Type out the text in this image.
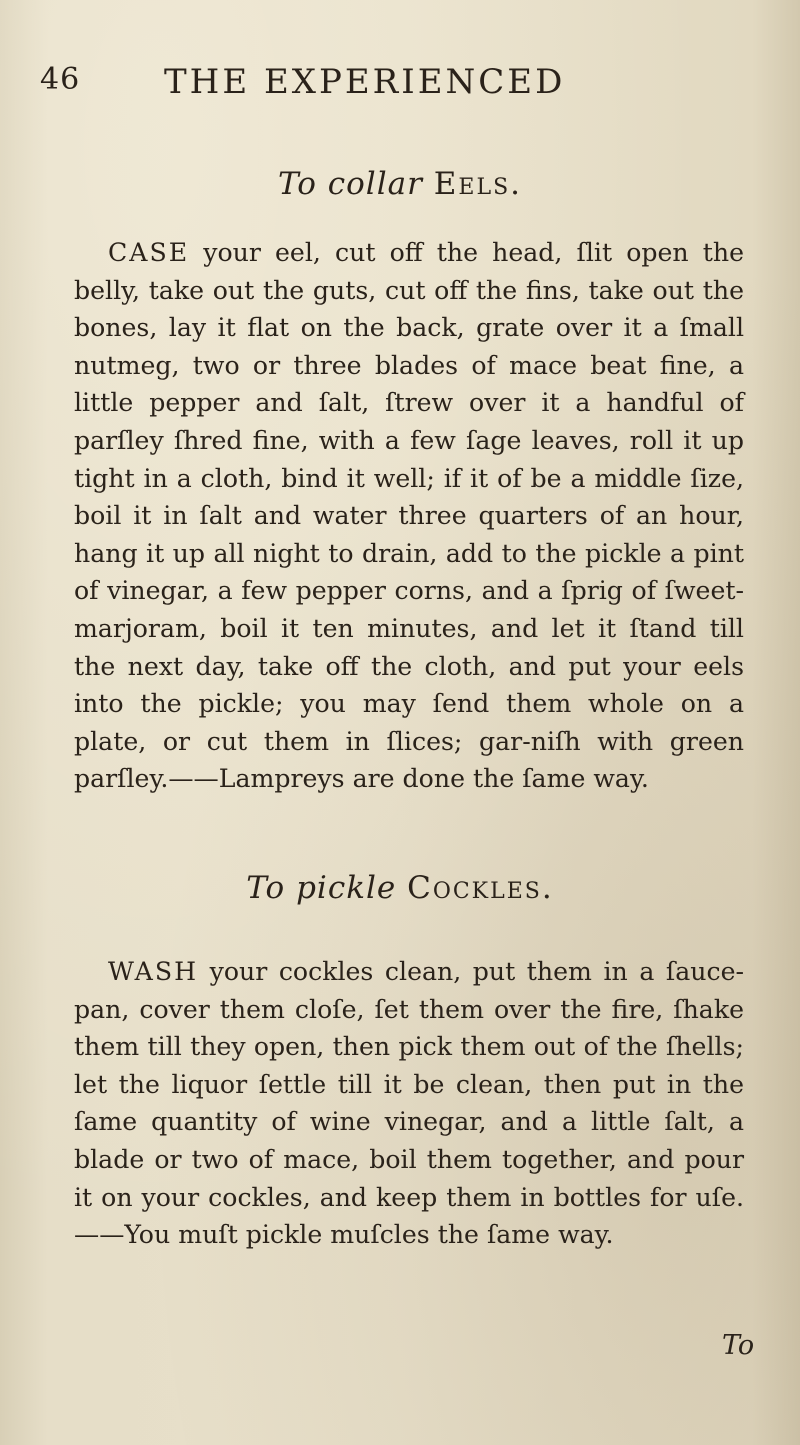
46 THE EXPERIENCED
To collar Eels.

CASE your eel, cut off the head, ſlit open the belly, take out the guts, cut off the fins, take out the bones, lay it flat on the back, grate over it a ſmall nutmeg, two or three blades of mace beat fine, a little pepper and ſalt, ſtrew over it a handful of parſley ſhred fine, with a few ſage leaves, roll it up tight in a cloth, bind it well; if it of be a middle ſize, boil it in ſalt and water three quarters of an hour, hang it up all night to drain, add to the pickle a pint of vinegar, a few pepper corns, and a ſprig of ſweet-marjoram, boil it ten minutes, and let it ſtand till the next day, take off the cloth, and put your eels into the pickle; you may ſend them whole on a plate, or cut them in ſlices; gar-niſh with green parſley.——Lampreys are done the ſame way.

To pickle Cockles.

WASH your cockles clean, put them in a ſauce-pan, cover them cloſe, ſet them over the fire, ſhake them till they open, then pick them out of the ſhells; let the liquor ſettle till it be clean, then put in the ſame quantity of wine vinegar, and a little ſalt, a blade or two of mace, boil them together, and pour it on your cockles, and keep them in bottles for uſe.——You muſt pickle muſcles the ſame way.

To
